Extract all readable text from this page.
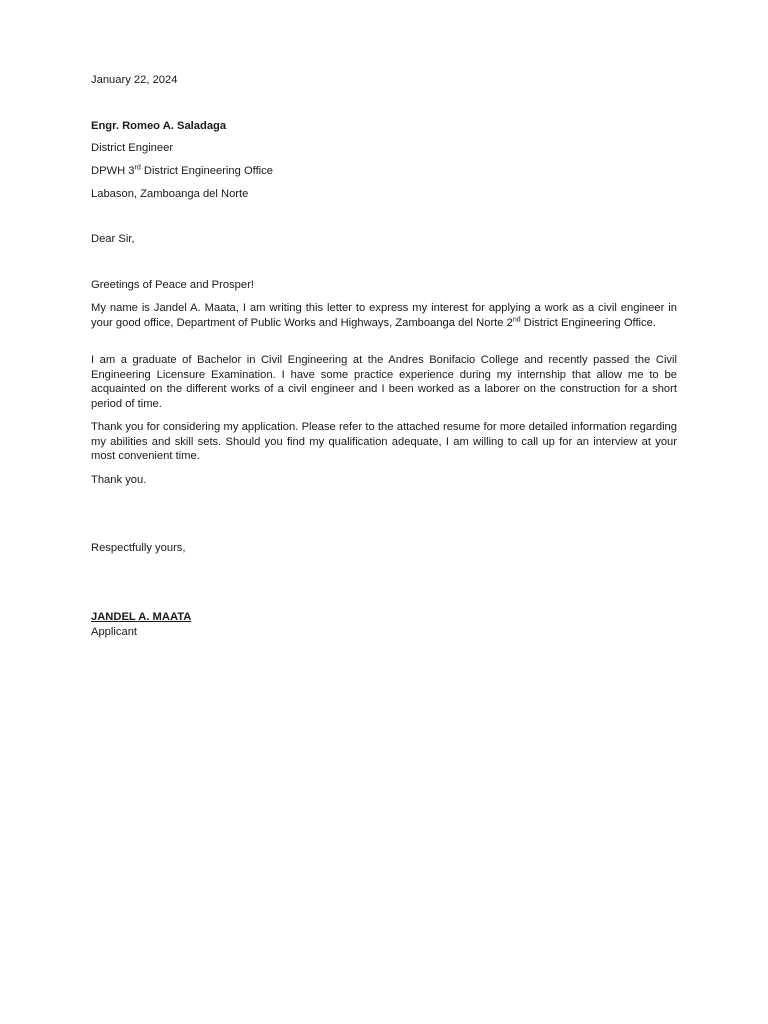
January 22, 2024
Engr. Romeo A. Saladaga
District Engineer
DPWH 3rd District Engineering Office
Labason, Zamboanga del Norte
Dear Sir,
Greetings of Peace and Prosper!
My name is Jandel A. Maata, I am writing this letter to express my interest for applying a work as a civil engineer in your good office, Department of Public Works and Highways, Zamboanga del Norte 2nd District Engineering Office.
I am a graduate of Bachelor in Civil Engineering at the Andres Bonifacio College and recently passed the Civil Engineering Licensure Examination. I have some practice experience during my internship that allow me to be acquainted on the different works of a civil engineer and I been worked as a laborer on the construction for a short period of time.
Thank you for considering my application. Please refer to the attached resume for more detailed information regarding my abilities and skill sets. Should you find my qualification adequate, I am willing to call up for an interview at your most convenient time.
Thank you.
Respectfully yours,
JANDEL A. MAATA
Applicant
